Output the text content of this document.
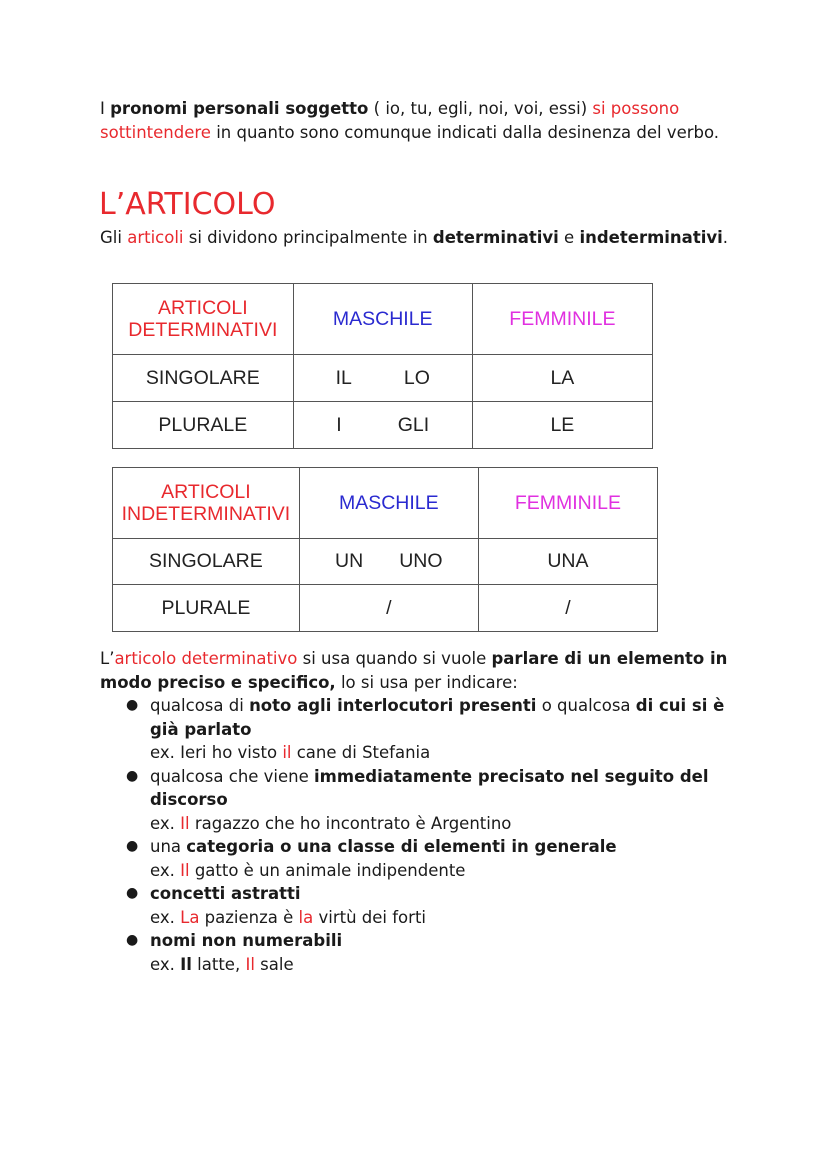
I pronomi personali soggetto ( io, tu, egli, noi, voi, essi) si possono sottintendere in quanto sono comunque indicati dalla desinenza del verbo.

L’ARTICOLO

Gli articoli si dividono principalmente in determinativi e indeterminativi.

ARTICOLI
DETERMINATIVI	MASCHILE	FEMMINILE
SINGOLARE	IL LO	LA
PLURALE	I GLI	LE
ARTICOLI
INDETERMINATIVI	MASCHILE	FEMMINILE
SINGOLARE	UN UNO	UNA
PLURALE	/	/

L’articolo determinativo si usa quando si vuole parlare di un elemento in modo preciso e specifico, lo si usa per indicare:

● qualcosa di noto agli interlocutori presenti o qualcosa di cui si è già parlato
ex. Ieri ho visto il cane di Stefania
● qualcosa che viene immediatamente precisato nel seguito del discorso
ex. Il ragazzo che ho incontrato è Argentino
● una categoria o una classe di elementi in generale
ex. Il gatto è un animale indipendente
● concetti astratti
ex. La pazienza è la virtù dei forti
● nomi non numerabili
ex. Il latte, Il sale
